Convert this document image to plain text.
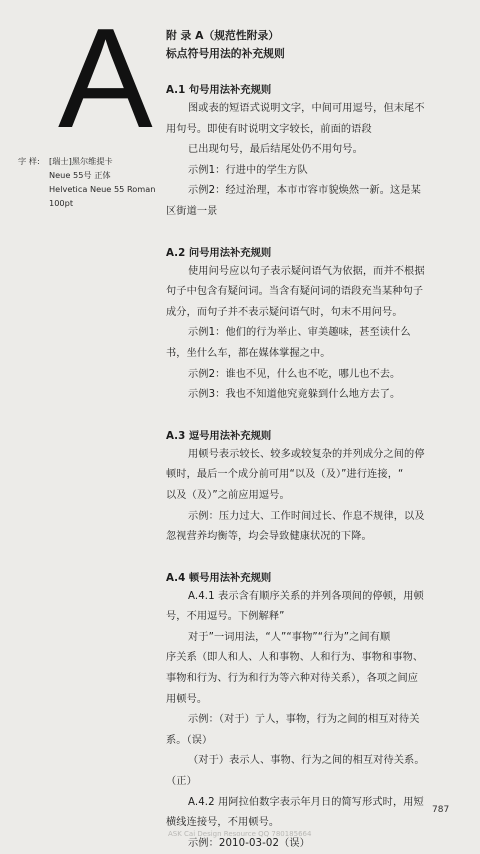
A
字 样:	[瑞士]黑尔维提卡
Neue 55号 正体
Helvetica Neue 55 Roman
100pt
附 录 A（规范性附录）
标点符号用法的补充规则
A.1 句号用法补充规则

图或表的短语式说明文字，中间可用逗号，但末尾不

用句号。即使有时说明文字较长，前面的语段

已出现句号，最后结尾处仍不用句号。

示例1：行进中的学生方队

示例2：经过治理，本市市容市貌焕然一新。这是某

区街道一景

A.2 问号用法补充规则

使用问号应以句子表示疑问语气为依据，而并不根据

句子中包含有疑问词。当含有疑问词的语段充当某种句子

成分，而句子并不表示疑问语气时，句末不用问号。

示例1：他们的行为举止、审美趣味，甚至读什么

书，坐什么车，都在媒体掌握之中。

示例2：谁也不见，什么也不吃，哪儿也不去。

示例3：我也不知道他究竟躲到什么地方去了。

A.3 逗号用法补充规则

用顿号表示较长、较多或较复杂的并列成分之间的停

顿时，最后一个成分前可用“以及（及）”进行连接，“

以及（及）”之前应用逗号。

示例：压力过大、工作时间过长、作息不规律，以及

忽视营养均衡等，均会导致健康状况的下降。

A.4 顿号用法补充规则

A.4.1 表示含有顺序关系的并列各项间的停顿，用顿

号，不用逗号。下例解释”

对于”一词用法，“人”“事物”“行为”之间有顺

序关系（即人和人、人和事物、人和行为、事物和事物、

事物和行为、行为和行为等六种对待关系），各项之间应

用顿号。

示例：（对于）亍人，事物，行为之间的相互对待关

系。（误）

（对于）表示人、事物、行为之间的相互对待关系。

（正）

A.4.2 用阿拉伯数字表示年月日的简写形式时，用短

横线连接号，不用顿号。

示例：2010-03-02（误）

787
ASK Cai Design Resource QQ 780185664
